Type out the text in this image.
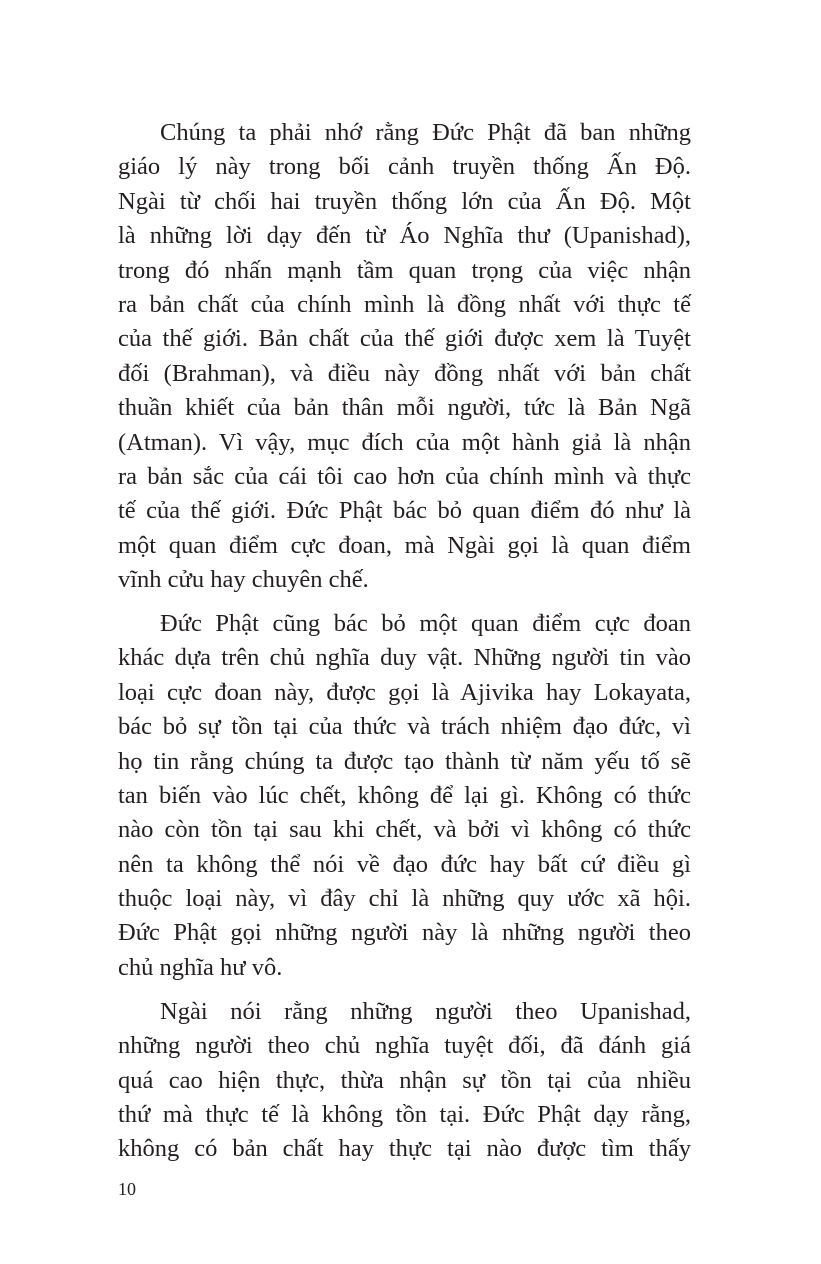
Chúng ta phải nhớ rằng Đức Phật đã ban những
giáo lý này trong bối cảnh truyền thống Ấn Độ.
Ngài từ chối hai truyền thống lớn của Ấn Độ. Một
là những lời dạy đến từ Áo Nghĩa thư (Upanishad),
trong đó nhấn mạnh tầm quan trọng của việc nhận
ra bản chất của chính mình là đồng nhất với thực tế
của thế giới. Bản chất của thế giới được xem là Tuyệt
đối (Brahman), và điều này đồng nhất với bản chất
thuần khiết của bản thân mỗi người, tức là Bản Ngã
(Atman). Vì vậy, mục đích của một hành giả là nhận
ra bản sắc của cái tôi cao hơn của chính mình và thực
tế của thế giới. Đức Phật bác bỏ quan điểm đó như là
một quan điểm cực đoan, mà Ngài gọi là quan điểm
vĩnh cửu hay chuyên chế.
Đức Phật cũng bác bỏ một quan điểm cực đoan
khác dựa trên chủ nghĩa duy vật. Những người tin vào
loại cực đoan này, được gọi là Ajivika hay Lokayata,
bác bỏ sự tồn tại của thức và trách nhiệm đạo đức, vì
họ tin rằng chúng ta được tạo thành từ năm yếu tố sẽ
tan biến vào lúc chết, không để lại gì. Không có thức
nào còn tồn tại sau khi chết, và bởi vì không có thức
nên ta không thể nói về đạo đức hay bất cứ điều gì
thuộc loại này, vì đây chỉ là những quy ước xã hội.
Đức Phật gọi những người này là những người theo
chủ nghĩa hư vô.
Ngài nói rằng những người theo Upanishad,
những người theo chủ nghĩa tuyệt đối, đã đánh giá
quá cao hiện thực, thừa nhận sự tồn tại của nhiều
thứ mà thực tế là không tồn tại. Đức Phật dạy rằng,
không có bản chất hay thực tại nào được tìm thấy
10
